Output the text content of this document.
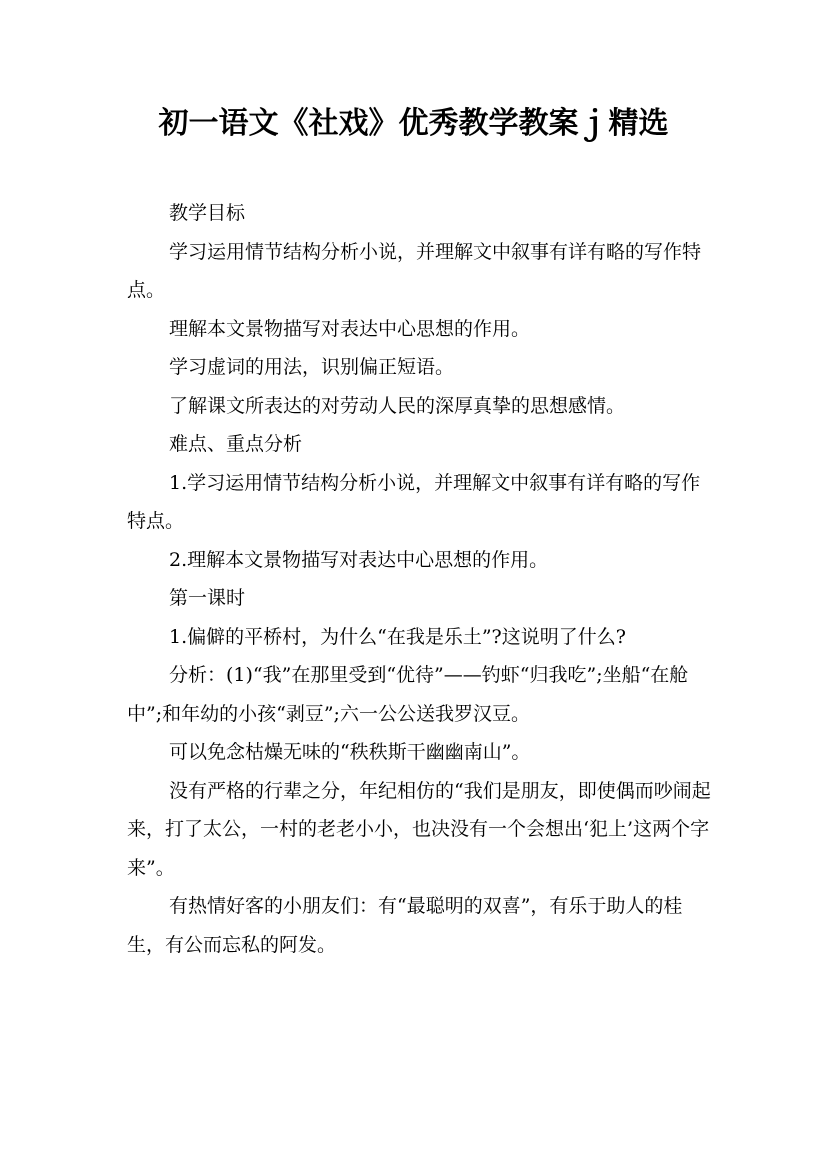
初一语文《社戏》优秀教学教案ｊ精选

教学目标

学习运用情节结构分析小说，并理解文中叙事有详有略的写作特点。

理解本文景物描写对表达中心思想的作用。

学习虚词的用法，识别偏正短语。

了解课文所表达的对劳动人民的深厚真挚的思想感情。

难点、重点分析

1.学习运用情节结构分析小说，并理解文中叙事有详有略的写作特点。

2.理解本文景物描写对表达中心思想的作用。

第一课时

1.偏僻的平桥村，为什么“在我是乐土”?这说明了什么?

分析：(1)“我”在那里受到“优待”——钓虾“归我吃”;坐船“在舱中”;和年幼的小孩“剥豆”;六一公公送我罗汉豆。

可以免念枯燥无味的“秩秩斯干幽幽南山”。

没有严格的行辈之分，年纪相仿的“我们是朋友，即使偶而吵闹起来，打了太公，一村的老老小小，也决没有一个会想出‘犯上’这两个字来”。

有热情好客的小朋友们：有“最聪明的双喜”，有乐于助人的桂生，有公而忘私的阿发。
